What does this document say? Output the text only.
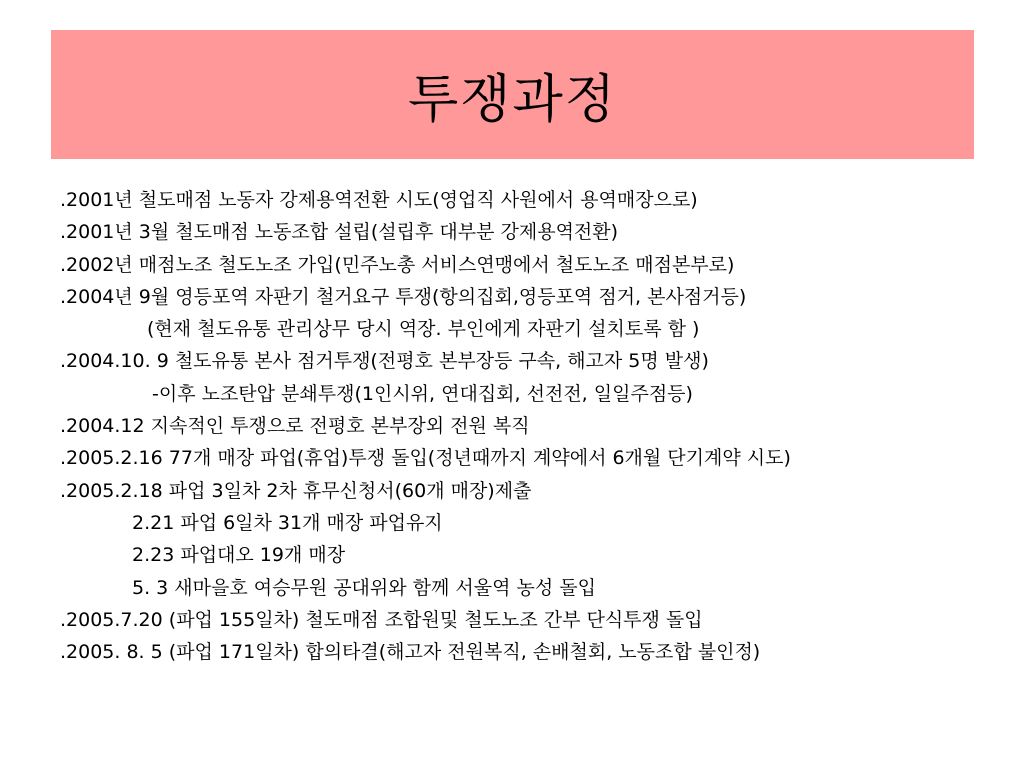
투쟁과정
.2001년 철도매점 노동자 강제용역전환 시도(영업직 사원에서 용역매장으로)
.2001년 3월 철도매점 노동조합 설립(설립후 대부분 강제용역전환)
.2002년 매점노조 철도노조 가입(민주노총 서비스연맹에서 철도노조 매점본부로)
.2004년 9월 영등포역 자판기 철거요구 투쟁(항의집회,영등포역 점거, 본사점거등)
(현재 철도유통 관리상무 당시 역장. 부인에게 자판기 설치토록 함 )
.2004.10. 9 철도유통 본사 점거투쟁(전평호 본부장등 구속, 해고자 5명 발생)
-이후 노조탄압 분쇄투쟁(1인시위, 연대집회, 선전전, 일일주점등)
.2004.12 지속적인 투쟁으로 전평호 본부장외 전원 복직
.2005.2.16 77개 매장 파업(휴업)투쟁 돌입(정년때까지 계약에서 6개월 단기계약 시도)
.2005.2.18 파업 3일차 2차 휴무신청서(60개 매장)제출
2.21 파업 6일차 31개 매장 파업유지
2.23 파업대오 19개 매장
5. 3 새마을호 여승무원 공대위와 함께 서울역 농성 돌입
.2005.7.20 (파업 155일차) 철도매점 조합원및 철도노조 간부 단식투쟁 돌입
.2005. 8. 5 (파업 171일차) 합의타결(해고자 전원복직, 손배철회, 노동조합 불인정)
